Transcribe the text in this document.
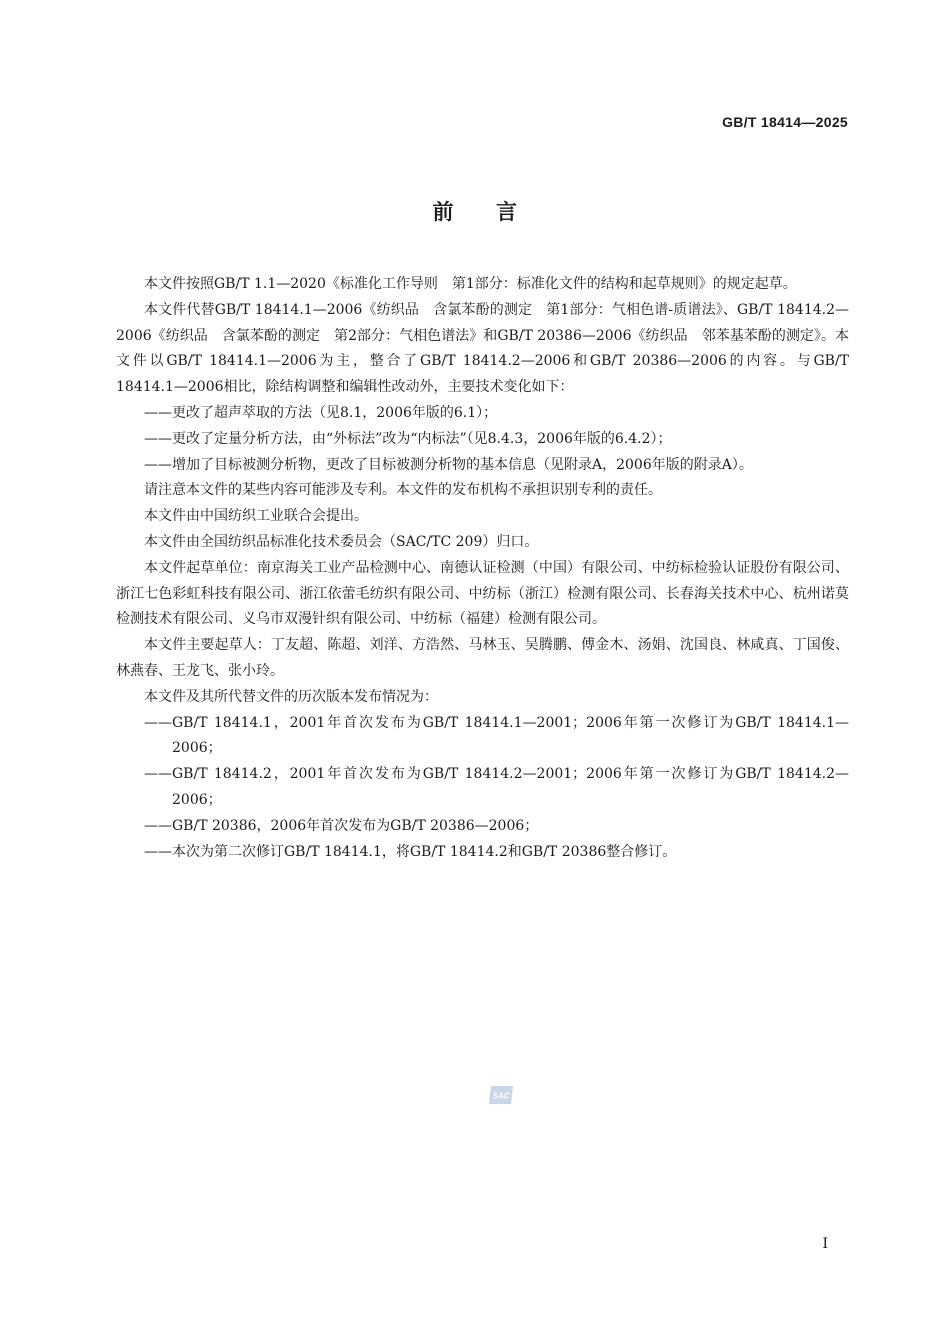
GB/T 18414—2025
前 言

本文件按照GB/T 1.1—2020《标准化工作导则　第1部分：标准化文件的结构和起草规则》的规定起草。

本文件代替GB/T 18414.1—2006《纺织品　含氯苯酚的测定　第1部分：气相色谱-质谱法》、GB/T 18414.2—2006《纺织品　含氯苯酚的测定　第2部分：气相色谱法》和GB/T 20386—2006《纺织品　邻苯基苯酚的测定》。本文件以GB/T 18414.1—2006为主，整合了GB/T 18414.2—2006和GB/T 20386—2006的内容。与GB/T 18414.1—2006相比，除结构调整和编辑性改动外，主要技术变化如下：

——更改了超声萃取的方法（见8.1，2006年版的6.1）；

——更改了定量分析方法，由“外标法”改为“内标法”（见8.4.3，2006年版的6.4.2）；

——增加了目标被测分析物，更改了目标被测分析物的基本信息（见附录A，2006年版的附录A）。

请注意本文件的某些内容可能涉及专利。本文件的发布机构不承担识别专利的责任。

本文件由中国纺织工业联合会提出。

本文件由全国纺织品标准化技术委员会（SAC/TC 209）归口。

本文件起草单位：南京海关工业产品检测中心、南德认证检测（中国）有限公司、中纺标检验认证股份有限公司、浙江七色彩虹科技有限公司、浙江依蕾毛纺织有限公司、中纺标（浙江）检测有限公司、长春海关技术中心、杭州诺莫检测技术有限公司、义乌市双漫针织有限公司、中纺标（福建）检测有限公司。

本文件主要起草人：丁友超、陈超、刘洋、方浩然、马林玉、吴腾鹏、傅金木、汤娟、沈国良、林咸真、丁国俊、林燕春、王龙飞、张小玲。

本文件及其所代替文件的历次版本发布情况为：

——GB/T 18414.1，2001年首次发布为GB/T 18414.1—2001；2006年第一次修订为GB/T 18414.1—2006；

——GB/T 18414.2，2001年首次发布为GB/T 18414.2—2001；2006年第一次修订为GB/T 18414.2—2006；

——GB/T 20386，2006年首次发布为GB/T 20386—2006；

——本次为第二次修订GB/T 18414.1，将GB/T 18414.2和GB/T 20386整合修订。

SAC
I
